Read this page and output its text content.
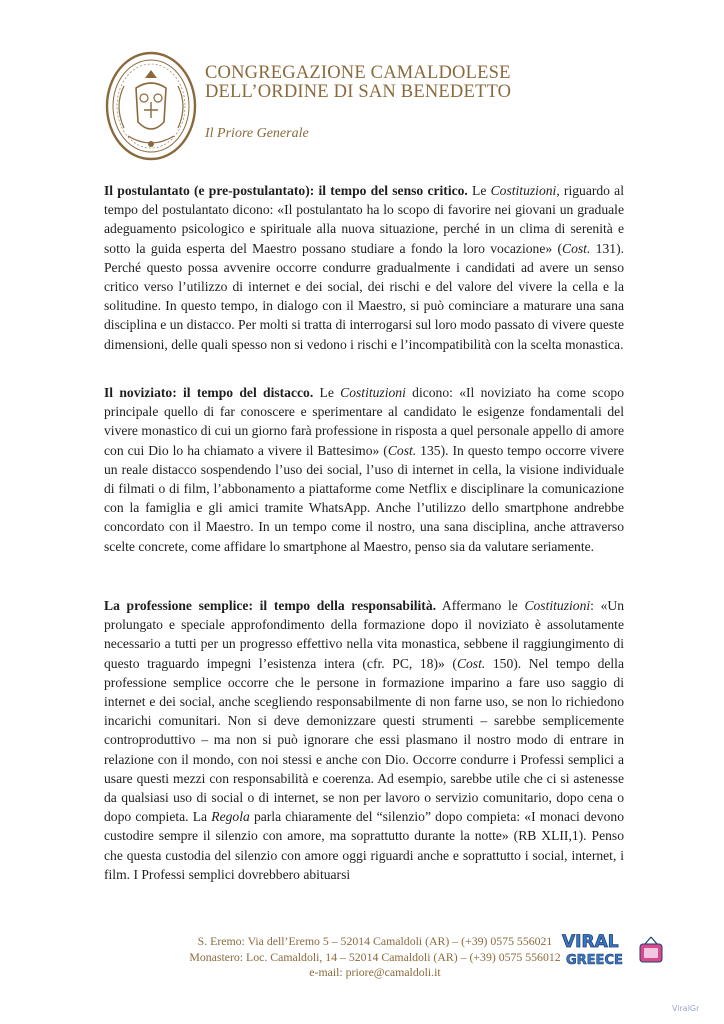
CONGREGAZIONE CAMALDOLESE
DELL’ORDINE DI SAN BENEDETTO
Il Priore Generale
Il postulantato (e pre-postulantato): il tempo del senso critico. Le Costituzioni, riguardo al tempo del postulantato dicono: «Il postulantato ha lo scopo di favorire nei giovani un graduale adeguamento psicologico e spirituale alla nuova situazione, perché in un clima di serenità e sotto la guida esperta del Maestro possano studiare a fondo la loro vocazione» (Cost. 131). Perché questo possa avvenire occorre condurre gradualmente i candidati ad avere un senso critico verso l’utilizzo di internet e dei social, dei rischi e del valore del vivere la cella e la solitudine. In questo tempo, in dialogo con il Maestro, si può cominciare a maturare una sana disciplina e un distacco. Per molti si tratta di interrogarsi sul loro modo passato di vivere queste dimensioni, delle quali spesso non si vedono i rischi e l’incompatibilità con la scelta monastica.
Il noviziato: il tempo del distacco. Le Costituzioni dicono: «Il noviziato ha come scopo principale quello di far conoscere e sperimentare al candidato le esigenze fondamentali del vivere monastico di cui un giorno farà professione in risposta a quel personale appello di amore con cui Dio lo ha chiamato a vivere il Battesimo» (Cost. 135). In questo tempo occorre vivere un reale distacco sospendendo l’uso dei social, l’uso di internet in cella, la visione individuale di filmati o di film, l’abbonamento a piattaforme come Netflix e disciplinare la comunicazione con la famiglia e gli amici tramite WhatsApp. Anche l’utilizzo dello smartphone andrebbe concordato con il Maestro. In un tempo come il nostro, una sana disciplina, anche attraverso scelte concrete, come affidare lo smartphone al Maestro, penso sia da valutare seriamente.
La professione semplice: il tempo della responsabilità. Affermano le Costituzioni: «Un prolungato e speciale approfondimento della formazione dopo il noviziato è assolutamente necessario a tutti per un progresso effettivo nella vita monastica, sebbene il raggiungimento di questo traguardo impegni l’esistenza intera (cfr. PC, 18)» (Cost. 150). Nel tempo della professione semplice occorre che le persone in formazione imparino a fare uso saggio di internet e dei social, anche scegliendo responsabilmente di non farne uso, se non lo richiedono incarichi comunitari. Non si deve demonizzare questi strumenti – sarebbe semplicemente controproduttivo – ma non si può ignorare che essi plasmano il nostro modo di entrare in relazione con il mondo, con noi stessi e anche con Dio. Occorre condurre i Professi semplici a usare questi mezzi con responsabilità e coerenza. Ad esempio, sarebbe utile che ci si astenesse da qualsiasi uso di social o di internet, se non per lavoro o servizio comunitario, dopo cena o dopo compieta. La Regola parla chiaramente del “silenzio” dopo compieta: «I monaci devono custodire sempre il silenzio con amore, ma soprattutto durante la notte» (RB XLII,1). Penso che questa custodia del silenzio con amore oggi riguardi anche e soprattutto i social, internet, i film. I Professi semplici dovrebbero abituarsi
S. Eremo: Via dell’Eremo 5 – 52014 Camaldoli (AR) – (+39) 0575 556021
Monastero: Loc. Camaldoli, 14 – 52014 Camaldoli (AR) – (+39) 0575 556012
e-mail: priore@camaldoli.it
VIRAL
GREECE
ViralGr
